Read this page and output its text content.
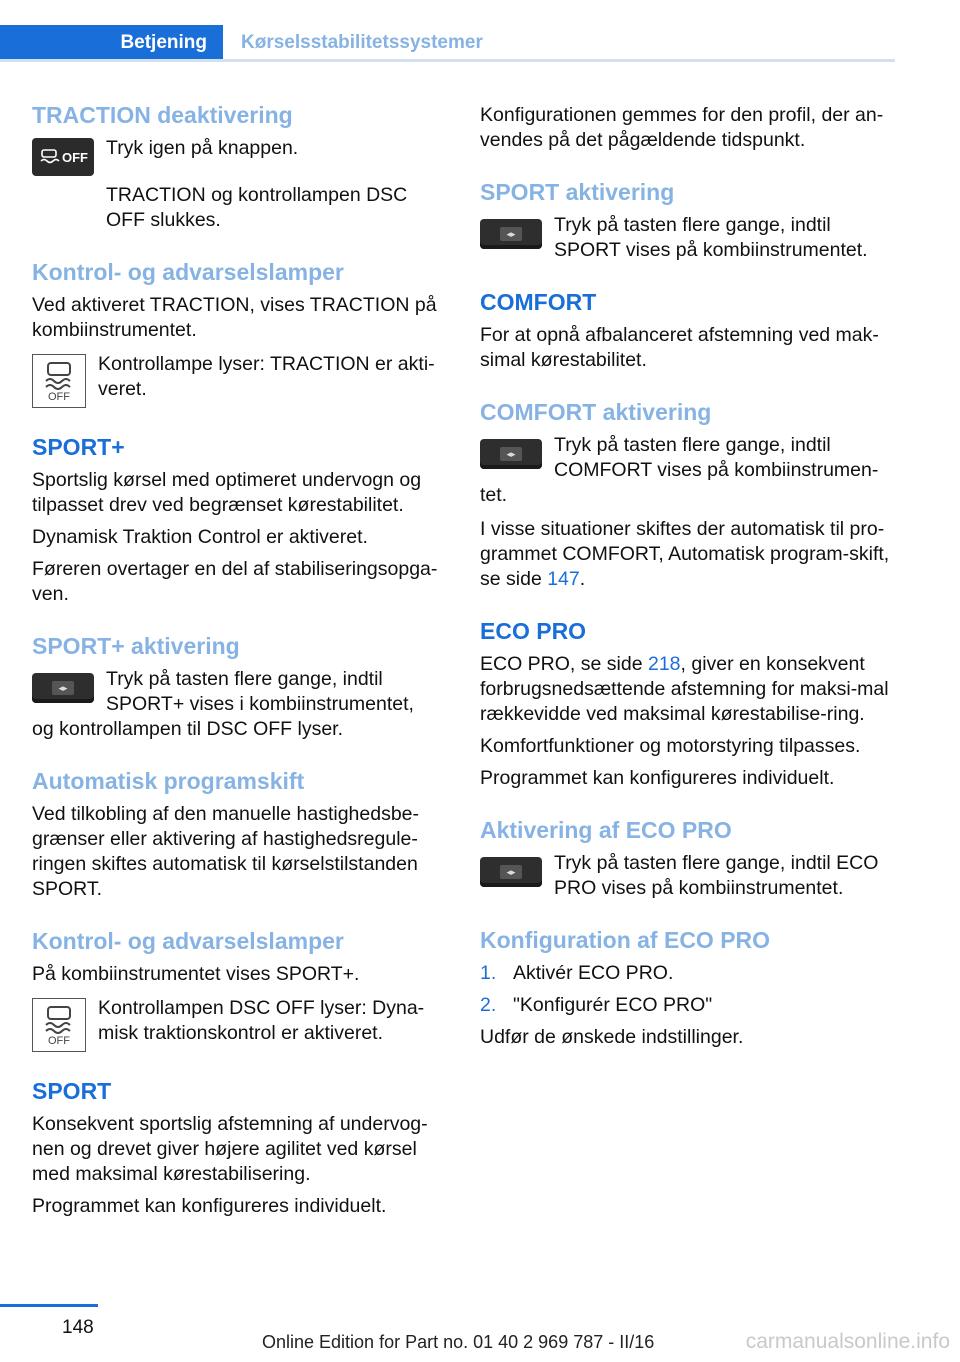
Betjening Kørselsstabilitetssystemer
TRACTION deaktivering
OFF Tryk igen på knappen.

TRACTION og kontrollampen DSC OFF slukkes.

Kontrol- og advarselslamper

Ved aktiveret TRACTION, vises TRACTION på kombiinstrumentet.

OFF

Kontrollampe lyser: TRACTION er akti-veret.

SPORT+

Sportslig kørsel med optimeret undervogn og tilpasset drev ved begrænset kørestabilitet.

Dynamisk Traktion Control er aktiveret.

Føreren overtager en del af stabiliseringsopga-ven.

SPORT+ aktivering
◂▸	Tryk på tasten flere gange, indtil SPORT+ vises i kombiinstrumentet,

og kontrollampen til DSC OFF lyser.

Automatisk programskift

Ved tilkobling af den manuelle hastighedsbe-grænser eller aktivering af hastighedsregule-ringen skiftes automatisk til kørselstilstanden SPORT.

Kontrol- og advarselslamper

På kombiinstrumentet vises SPORT+.

OFF

Kontrollampen DSC OFF lyser: Dyna-misk traktionskontrol er aktiveret.

SPORT

Konsekvent sportslig afstemning af undervog-nen og drevet giver højere agilitet ved kørsel med maksimal kørestabilisering.

Programmet kan konfigureres individuelt.

Konfigurationen gemmes for den profil, der an-vendes på det pågældende tidspunkt.

SPORT aktivering
◂▸	Tryk på tasten flere gange, indtil SPORT vises på kombiinstrumentet.

COMFORT

For at opnå afbalanceret afstemning ved mak-simal kørestabilitet.

COMFORT aktivering
◂▸	Tryk på tasten flere gange, indtil COMFORT vises på kombiinstrumen-

tet.

I visse situationer skiftes der automatisk til pro-grammet COMFORT, Automatisk program-skift, se side 147.

ECO PRO

ECO PRO, se side 218, giver en konsekvent forbrugsnedsættende afstemning for maksi-mal rækkevidde ved maksimal kørestabilise-ring.

Komfortfunktioner og motorstyring tilpasses.

Programmet kan konfigureres individuelt.

Aktivering af ECO PRO
◂▸	Tryk på tasten flere gange, indtil ECO PRO vises på kombiinstrumentet.

Konfiguration af ECO PRO
1. Aktivér ECO PRO.
2. "Konfigurér ECO PRO"

Udfør de ønskede indstillinger.

148
Online Edition for Part no. 01 40 2 969 787 - II/16	carmanualsonline.info
